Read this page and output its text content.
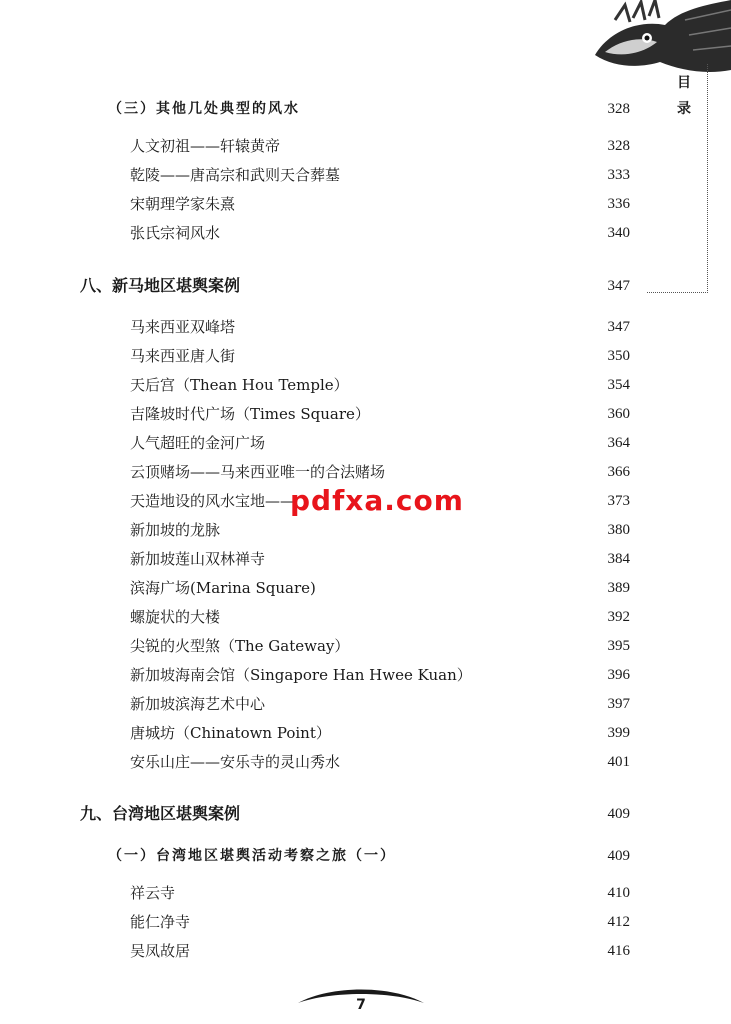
目录
（三）其他几处典型的风水	328
人文初祖——轩辕黄帝	328
乾陵——唐高宗和武则天合葬墓	333
宋朝理学家朱熹	336
张氏宗祠风水	340
八、新马地区堪舆案例	347
马来西亚双峰塔	347
马来西亚唐人街	350
天后宫（Thean Hou Temple）	354
吉隆坡时代广场（Times Square）	360
人气超旺的金河广场	364
云顶赌场——马来西亚唯一的合法赌场	366
天造地设的风水宝地——	373
新加坡的龙脉	380
新加坡莲山双林禅寺	384
滨海广场(Marina Square)	389
螺旋状的大楼	392
尖锐的火型煞（The Gateway）	395
新加坡海南会馆（Singapore Han Hwee Kuan）	396
新加坡滨海艺术中心	397
唐城坊（Chinatown Point）	399
安乐山庄——安乐寺的灵山秀水	401
九、台湾地区堪舆案例	409
（一）台湾地区堪舆活动考察之旅（一）	409
祥云寺	410
能仁净寺	412
吴凤故居	416
pdfxa.com
7
